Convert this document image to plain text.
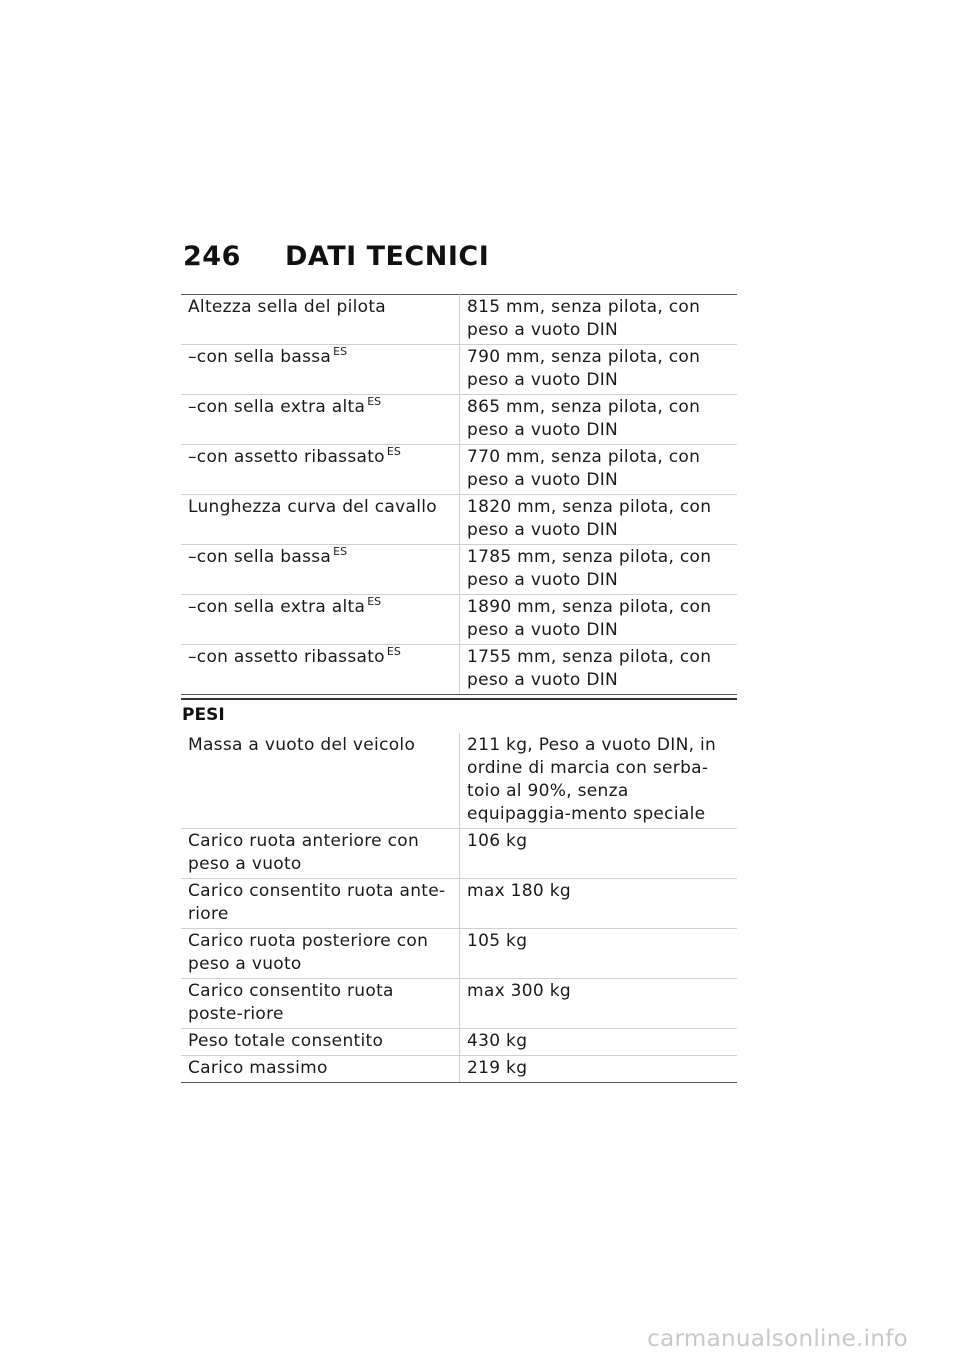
246	DATI TECNICI
Altezza sella del pilota	815 mm, senza pilota, con peso a vuoto DIN
–con sella bassa $^{ES}$	790 mm, senza pilota, con peso a vuoto DIN
–con sella extra alta $^{ES}$	865 mm, senza pilota, con peso a vuoto DIN
–con assetto ribassato $^{ES}$	770 mm, senza pilota, con peso a vuoto DIN
Lunghezza curva del cavallo	1820 mm, senza pilota, con peso a vuoto DIN
–con sella bassa $^{ES}$	1785 mm, senza pilota, con peso a vuoto DIN
–con sella extra alta $^{ES}$	1890 mm, senza pilota, con peso a vuoto DIN
–con assetto ribassato $^{ES}$	1755 mm, senza pilota, con peso a vuoto DIN
PESI
Massa a vuoto del veicolo	211 kg, Peso a vuoto DIN, in ordine di marcia con serba-toio al 90%, senza equipaggia-mento speciale
Carico ruota anteriore con peso a vuoto	106 kg
Carico consentito ruota ante-riore	max 180 kg
Carico ruota posteriore con peso a vuoto	105 kg
Carico consentito ruota poste-riore	max 300 kg
Peso totale consentito	430 kg
Carico massimo	219 kg
carmanualsonline.info
